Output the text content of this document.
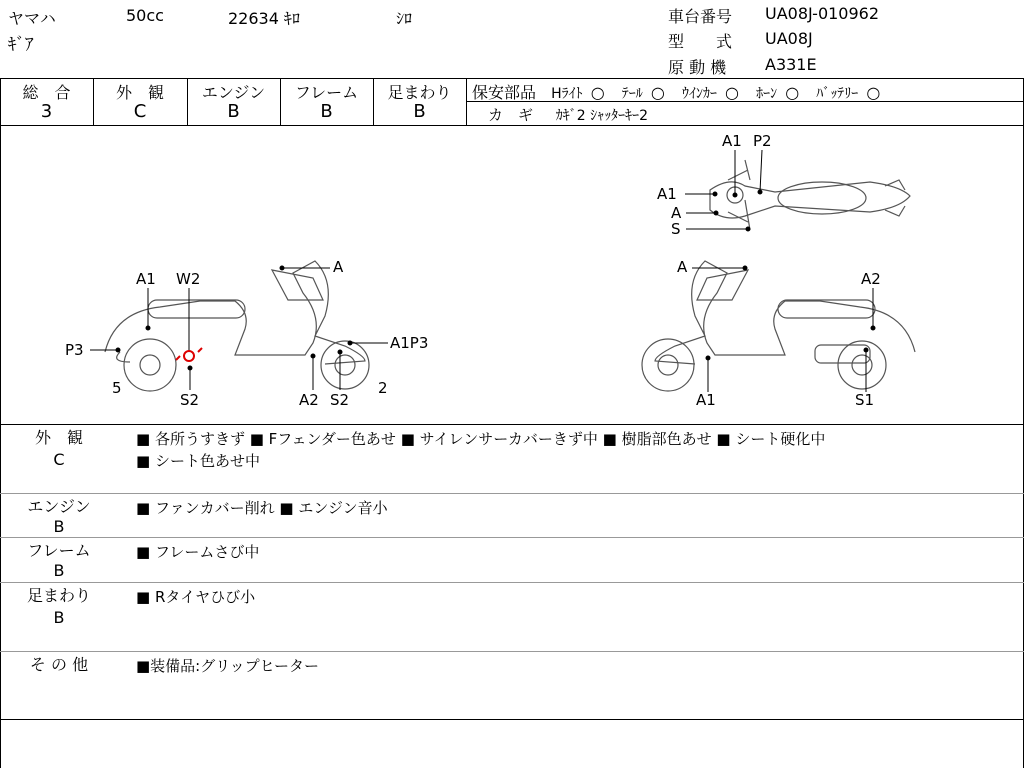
ヤマハ	50cc	22634 ｷﾛ	ｼﾛ
ｷﾞｱ
車台番号 UA08J-010962
型　　式 UA08J
原 動 機 A331E
総　合
3
外　観
C
エンジン
B
フレーム
B
足まわり
B
保安部品 Hﾗｲﾄ ○ ﾃｰﾙ ○ ｳｲﾝｶｰ ○ ﾎｰﾝ ○ ﾊﾞｯﾃﾘｰ ○
カ　ギ ｶｷﾞ2 ｼｬｯﾀｰｷｰ2
A1 P2
A1
A
S
A
A1 W2
P3	A1P3
5	2
S2	A2 S2
A
A2
A1	S1
外　観
C
■ 各所うすきず ■ Fフェンダー色あせ ■ サイレンサーカバーきず中 ■ 樹脂部色あせ ■ シート硬化中
■ シート色あせ中
エンジン
B
■ ファンカバー削れ ■ エンジン音小
フレーム
B
■ フレームさび中
足まわり
B
■ Rタイヤひび小
そ の 他	■装備品:グリップヒーター
